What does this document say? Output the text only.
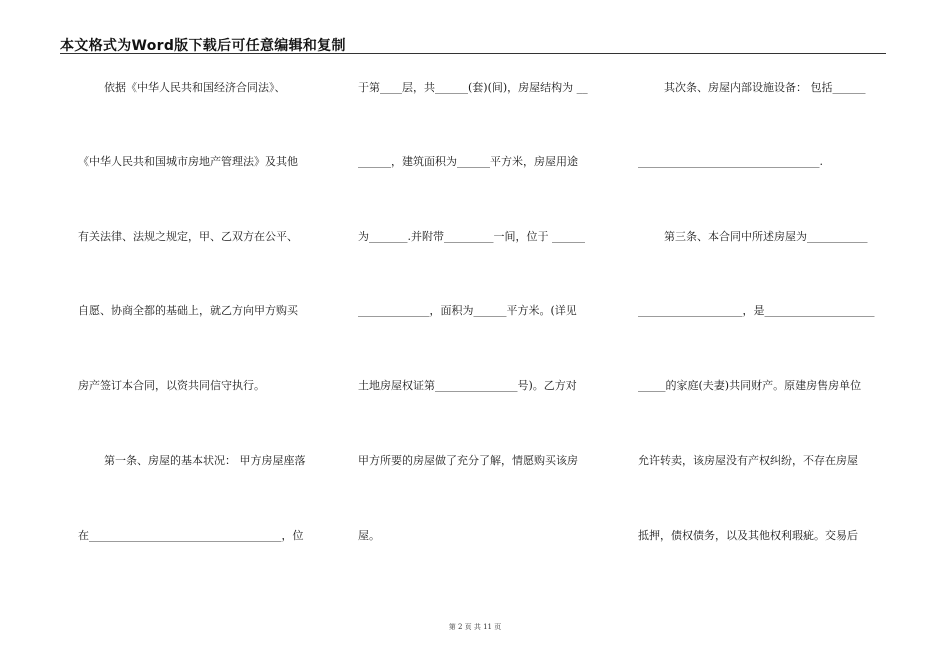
本文格式为Word版下载后可任意编辑和复制
依据《中华人民共和国经济合同法》、
《中华人民共和国城市房地产管理法》及其他
有关法律、法规之规定，甲、乙双方在公平、
自愿、协商全都的基础上，就乙方向甲方购买
房产签订本合同，以资共同信守执行。
第一条、房屋的基本状况： 甲方房屋座落
在___________________________________，位
于第____层，共______(套)(间)，房屋结构为 __
______，建筑面积为______平方米，房屋用途
为_______.并附带_________一间，位于 ______
_____________，面积为______平方米。(详见
土地房屋权证第_______________号)。乙方对
甲方所要的房屋做了充分了解，情愿购买该房
屋。
其次条、房屋内部设施设备： 包括______
_________________________________.
第三条、本合同中所述房屋为___________
___________________，是____________________
_____的家庭(夫妻)共同财产。原建房售房单位
允许转卖，该房屋没有产权纠纷，不存在房屋
抵押，债权债务，以及其他权利瑕疵。交易后
第 2 页 共 11 页
